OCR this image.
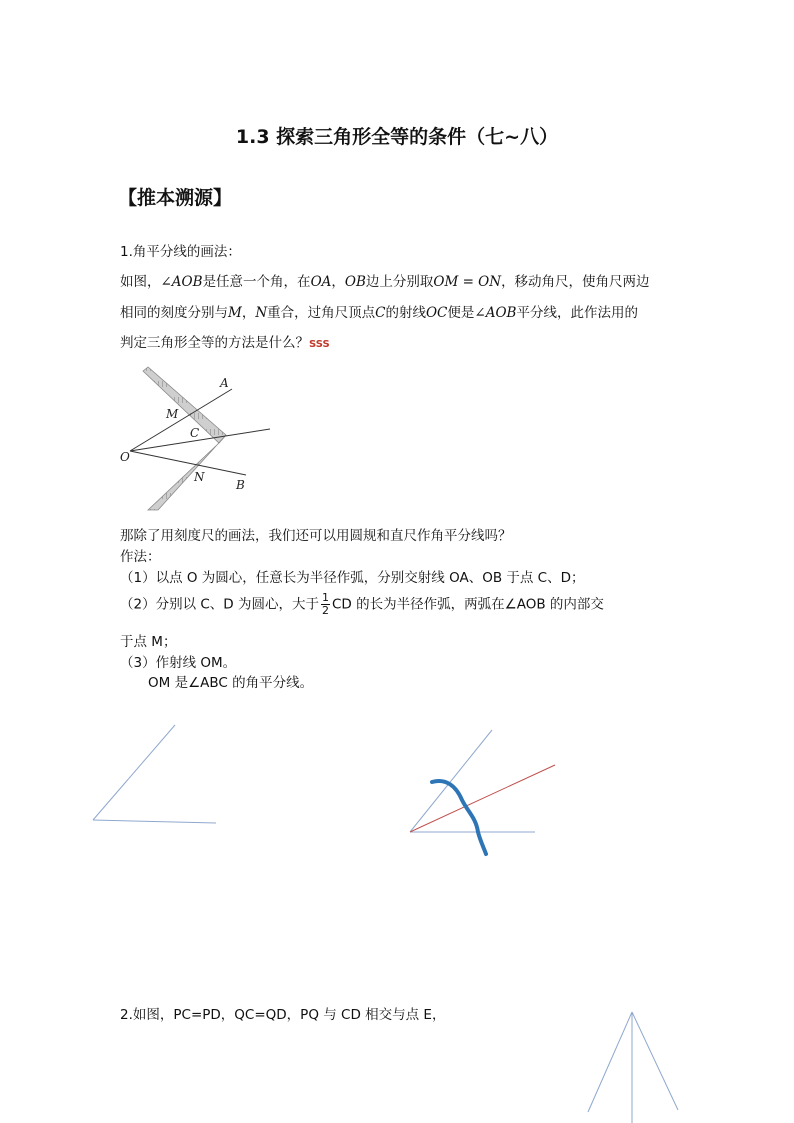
1.3 探索三角形全等的条件（七~八）
【推本溯源】
1.角平分线的画法：
如图，∠AOB是任意一个角，在OA，OB边上分别取OM = ON，移动角尺，使角尺两边
相同的刻度分别与M，N重合，过角尺顶点C的射线OC便是∠AOB平分线，此作法用的
判定三角形全等的方法是什么？SSS
A
M
C
O
N
B
那除了用刻度尺的画法，我们还可以用圆规和直尺作角平分线吗？
作法：
（1）以点 O 为圆心，任意长为半径作弧，分别交射线 OA、OB 于点 C、D；
（2）分别以 C、D 为圆心，大于 $\frac{1}{2}$ CD 的长为半径作弧，两弧在∠AOB 的内部交
于点 M；
（3）作射线 OM。
OM 是∠ABC 的角平分线。
2.如图，PC=PD，QC=QD，PQ 与 CD 相交与点 E，
